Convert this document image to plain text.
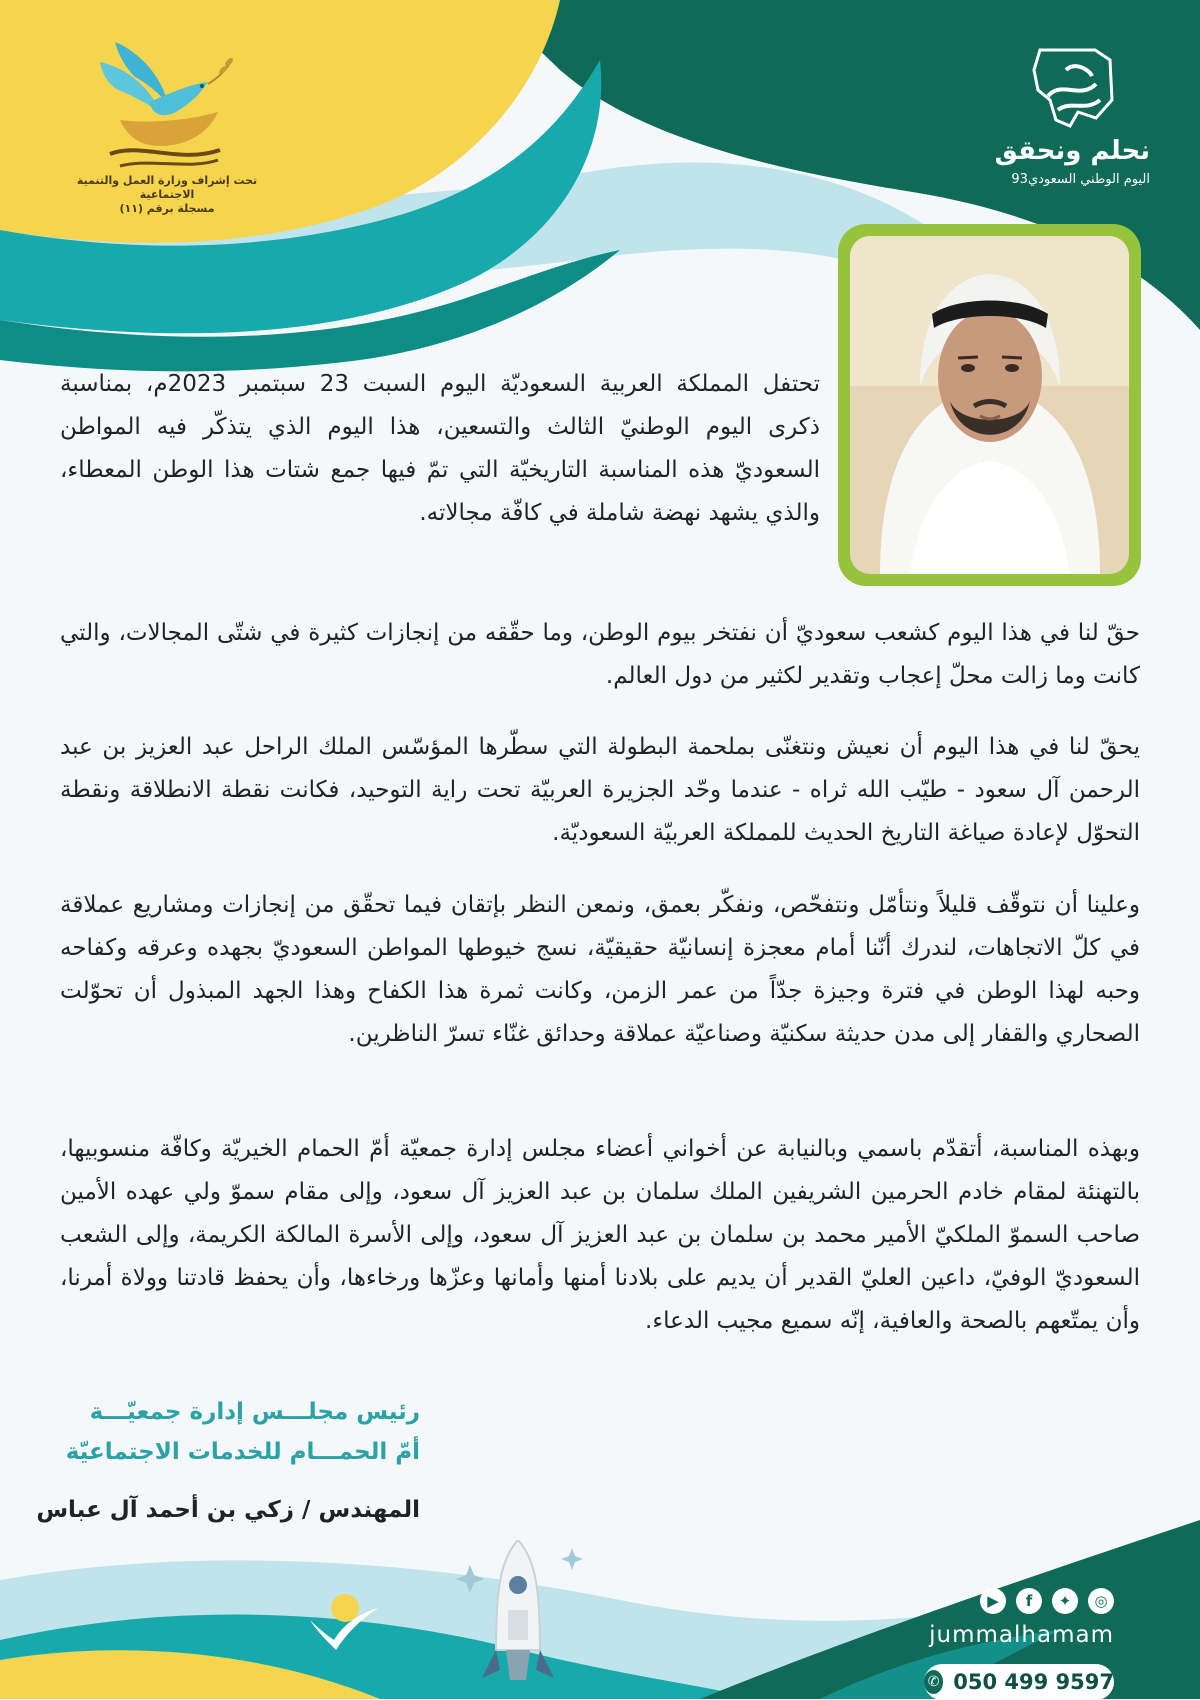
تحت إشراف وزارة العمل والتنمية الاجتماعية
مسجلة برقم (١١)
نحلم ونحقق
اليوم الوطني السعودي93
تحتفل المملكة العربية السعوديّة اليوم السبت 23 سبتمبر 2023م، بمناسبة ذكرى اليوم الوطنيّ الثالث والتسعين، هذا اليوم الذي يتذكّر فيه المواطن السعوديّ هذه المناسبة التاريخيّة التي تمّ فيها جمع شتات هذا الوطن المعطاء، والذي يشهد نهضة شاملة في كافّة مجالاته.
حقّ لنا في هذا اليوم كشعب سعوديّ أن نفتخر بيوم الوطن، وما حقّقه من إنجازات كثيرة في شتّى المجالات، والتي كانت وما زالت محلّ إعجاب وتقدير لكثير من دول العالم.
يحقّ لنا في هذا اليوم أن نعيش ونتغنّى بملحمة البطولة التي سطّرها المؤسّس الملك الراحل عبد العزيز بن عبد الرحمن آل سعود - طيّب الله ثراه - عندما وحّد الجزيرة العربيّة تحت راية التوحيد، فكانت نقطة الانطلاقة ونقطة التحوّل لإعادة صياغة التاريخ الحديث للمملكة العربيّة السعوديّة.
وعلينا أن نتوقّف قليلاً ونتأمّل ونتفحّص، ونفكّر بعمق، ونمعن النظر بإتقان فيما تحقّق من إنجازات ومشاريع عملاقة في كلّ الاتجاهات، لندرك أنّنا أمام معجزة إنسانيّة حقيقيّة، نسج خيوطها المواطن السعوديّ بجهده وعرقه وكفاحه وحبه لهذا الوطن في فترة وجيزة جدّاً من عمر الزمن، وكانت ثمرة هذا الكفاح وهذا الجهد المبذول أن تحوّلت الصحاري والقفار إلى مدن حديثة سكنيّة وصناعيّة عملاقة وحدائق غنّاء تسرّ الناظرين.
وبهذه المناسبة، أتقدّم باسمي وبالنيابة عن أخواني أعضاء مجلس إدارة جمعيّة أمّ الحمام الخيريّة وكافّة منسوبيها، بالتهنئة لمقام خادم الحرمين الشريفين الملك سلمان بن عبد العزيز آل سعود، وإلى مقام سموّ ولي عهده الأمين صاحب السموّ الملكيّ الأمير محمد بن سلمان بن عبد العزيز آل سعود، وإلى الأسرة المالكة الكريمة، وإلى الشعب السعوديّ الوفيّ، داعين العليّ القدير أن يديم على بلادنا أمنها وأمانها وعزّها ورخاءها، وأن يحفظ قادتنا وولاة أمرنا، وأن يمتّعهم بالصحة والعافية، إنّه سميع مجيب الدعاء.
رئيس مجلـــس إدارة جمعيّـــة
أمّ الحمـــام للخدمات الاجتماعيّة
المهندس / زكي بن أحمد آل عباس
▶	f	✦	◎
jummalhamam
✆ 050 499 9597
